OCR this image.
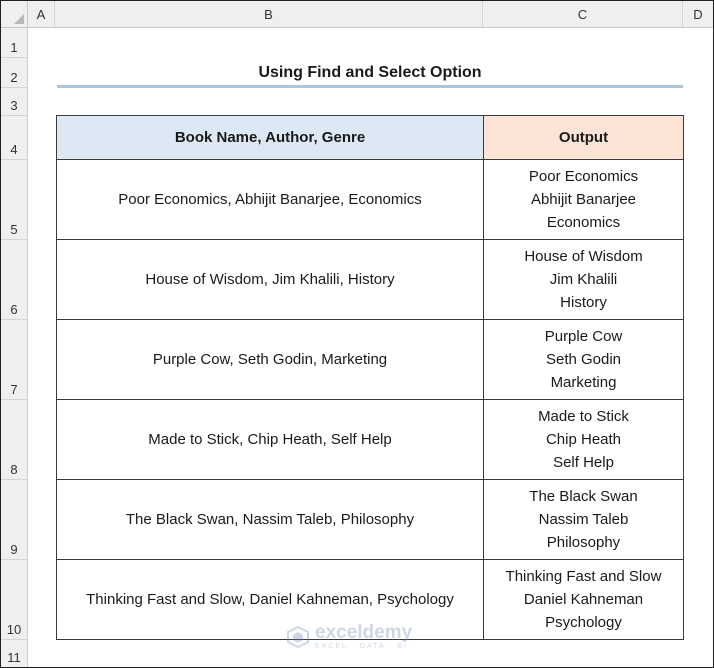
A	B	C	D
1
2
3
4
5
6
7
8
9
10
11
Using Find and Select Option
Book Name, Author, Genre	Output
Poor Economics, Abhijit Banarjee, Economics	Poor Economics
Abhijit Banarjee
Economics

House of Wisdom, Jim Khalili, History	House of Wisdom
Jim Khalili
History

Purple Cow, Seth Godin, Marketing	Purple Cow
Seth Godin
Marketing

Made to Stick, Chip Heath, Self Help	Made to Stick
Chip Heath
Self Help

The Black Swan, Nassim Taleb, Philosophy	The Black Swan
Nassim Taleb
Philosophy

Thinking Fast and Slow, Daniel Kahneman, Psychology	Thinking Fast and Slow
Daniel Kahneman
Psychology
exceldemy
EXCEL · DATA · BI
